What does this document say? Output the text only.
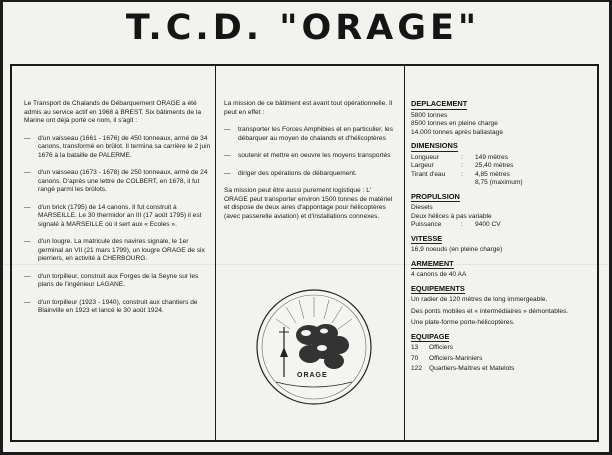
T.C.D. "ORAGE"

Le Transport de Chalands de Débarquement ORAGE a été admis au service actif en 1968 à BREST. Six bâtiments de la Marine ont déjà porté ce nom, il s'agit :

—	d'un vaisseau (1661 - 1676) de 450 tonneaux, armé de 34 canons, transformé en brûlot. Il termina sa carrière le 2 juin 1676 à la bataille de PALERME.
—	d'un vaisseau (1673 - 1678) de 250 tonneaux, armé de 24 canons. D'après une lettre de COLBERT, en 1678, il fut rangé parmi les brûlots.
—	d'un brick (1795) de 14 canons. Il fut construit à MARSEILLE. Le 30 thermidor an III (17 août 1795) il est signalé à MARSEILLE où il sert aux « Ecoles ».
—	d'un lougre. La matricule des navires signale, le 1er germinal an VII (21 mars 1799), un lougre ORAGE de six pierriers, en activité à CHERBOURG.
—	d'un torpilleur, construit aux Forges de la Seyne sur les plans de l'ingénieur LAGANE.
—	d'un torpilleur (1923 - 1940), construit aux chantiers de Blainville en 1923 et lancé le 30 août 1924.

La mission de ce bâtiment est avant tout opérationnelle. Il peut en effet :

—	transporter les Forces Amphibies et en particulier, les débarquer au moyen de chalands et d'hélicoptères
—	soutenir et mettre en oeuvre les moyens transportés
—	diriger des opérations de débarquement.

Sa mission peut être aussi purement logistique : L' ORAGE peut transporter environ 1500 tonnes de matériel et dispose de deux aires d'appontage pour hélicoptères (avec passerelle aviation) et d'installations connexes.

ORAGE
DEPLACEMENT

5800 tonnes

8500 tonnes en pleine charge

14.000 tonnes après ballastage

DIMENSIONS
Longueur	:	149 mètres
Largeur	:	25,40 mètres
Tirant d'eau	:	4,85 mètres
8,75 (maximum)
PROPULSION

Diesels

Deux hélices à pas variable

Puissance	:	9400 CV
VITESSE

16,9 noeuds (en pleine charge)

ARMEMENT

4 canons de 40 AA

EQUIPEMENTS

Un radier de 120 mètres de long immergeable.

Des ponts mobiles et « intermédiaires » démontables.

Une plate-forme porte-hélicoptères.

EQUIPAGE
13	Officiers
70	Officiers-Mariniers
122	Quartiers-Maîtres et Matelots
